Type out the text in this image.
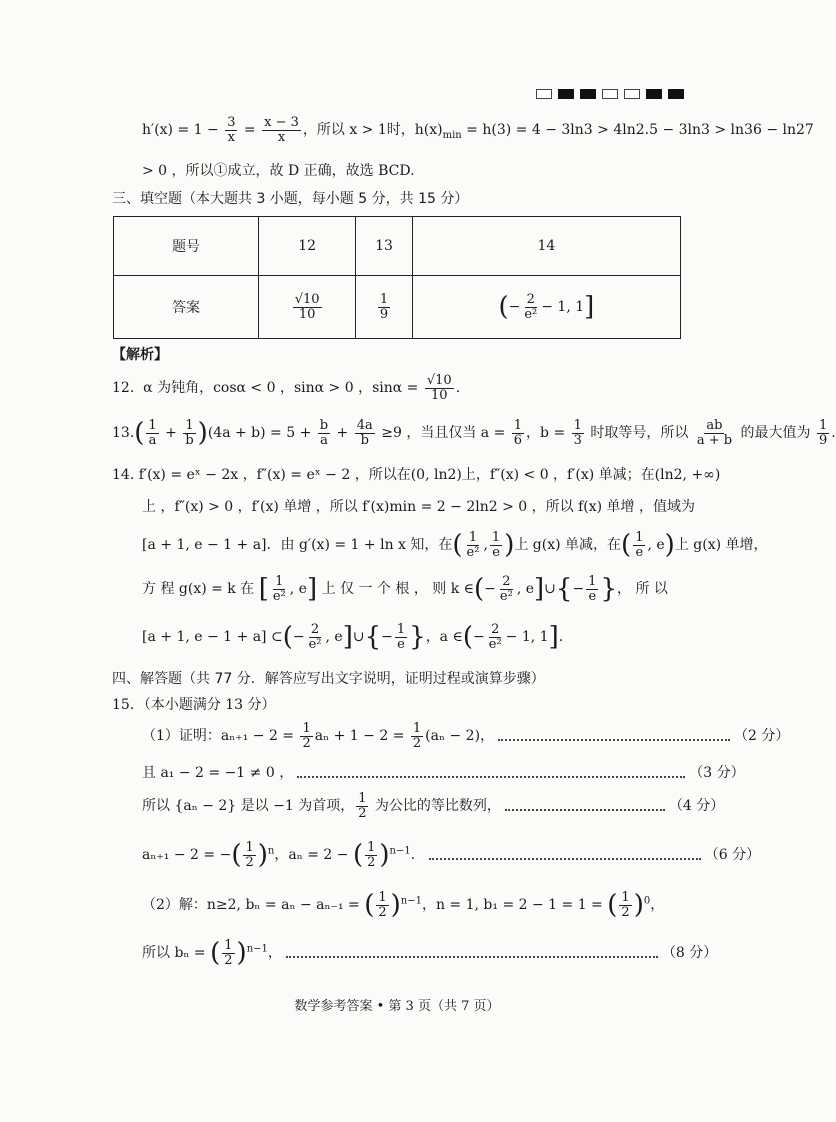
$h'(x) = 1 - \frac{3}{x} = \frac{x - 3}{x}$ ，所以 x > 1时，$h(x)_{min} = h(3) = 4 - 3\ln 3 > 4\ln 2.5 - 3\ln 3 > \ln 36 - \ln 27$
> 0 ，所以①成立，故 D 正确，故选 BCD.
三、填空题（本大题共 3 小题，每小题 5 分，共 15 分）
题号	12	13	14
答案	$\frac{√10}{10}$	$\frac{1}{9}$	(− $\frac{2}{\text{e²}} - 1$, 1]
【解析】
12. α 为钝角，cosα < 0 ，sinα > 0 ，$\sin\alpha = \frac{√10}{10}$ .
$13.( \frac{1}{a} + \frac{1}{b} )(4a + b) = 5 + \frac{b}{a} + \frac{4a}{b} \ge 9$ ，当且仅当 $a = \frac{1}{6}$ ，$b = \frac{1}{3}$ 时取等号，所以 $\frac{ab}{a + b}$ 的最大值为 $\frac{1}{9}$ .
14. f′(x) = eˣ − 2x ，f″(x) = eˣ − 2 ，所以在(0, ln2)上，f″(x) < 0 ，f′(x) 单减；在(ln2, +∞)
上 ，f″(x) > 0 ，f′(x) 单增 ，所以 f′(x)min = 2 − 2ln2 > 0 ，所以 f(x) 单增 ，值域为
[a + 1, e − 1 + a]．由 g′(x) = 1 + ln x 知，在( $\frac{1}{\text{e²}}$ , $\frac{1}{e}$ )上 g(x) 单减，在( $\frac{1}{e}$ , e)上 g(x) 单增，
方 程 g(x) = k 在 [ $\frac{1}{\text{e²}}$ , e] 上 仅 一 个 根 ， 则 k ∈(− $\frac{2}{\text{e²}}$ , e]∪{− $\frac{1}{e}$ }， 所 以
[a + 1, e − 1 + a] ⊂(− $\frac{2}{\text{e²}}$ , e]∪{− $\frac{1}{e}$ }，a ∈(− $\frac{2}{\text{e²}} - 1$, 1].
四、解答题（共 77 分．解答应写出文字说明，证明过程或演算步骤）
15．（本小题满分 13 分）
（1）证明：$a_{n+1} - 2 = \frac{1}{2}$ $a_n + 1 - 2 = \frac{1}{2} (a_n - 2)$，	（2 分）
且 a₁ − 2 = −1 ≠ 0 ，	（3 分）
所以 {aₙ − 2} 是以 −1 为首项， $\frac{1}{2}$ 为公比的等比数列，	（4 分）
aₙ₊₁ − 2 = −( $\frac{1}{2} )^n$，aₙ = 2 − ( $\frac{1}{2} )^{n-1}$．	（6 分）
（2）解：n≥2, bₙ = aₙ − aₙ₋₁ = ( $\frac{1}{2} )^{n-1}$，n = 1, b₁ = 2 − 1 = 1 = ( $\frac{1}{2} )^0$，
所以 bₙ = ( $\frac{1}{2} )^{n-1}$，	（8 分）
数学参考答案 • 第 3 页（共 7 页）
